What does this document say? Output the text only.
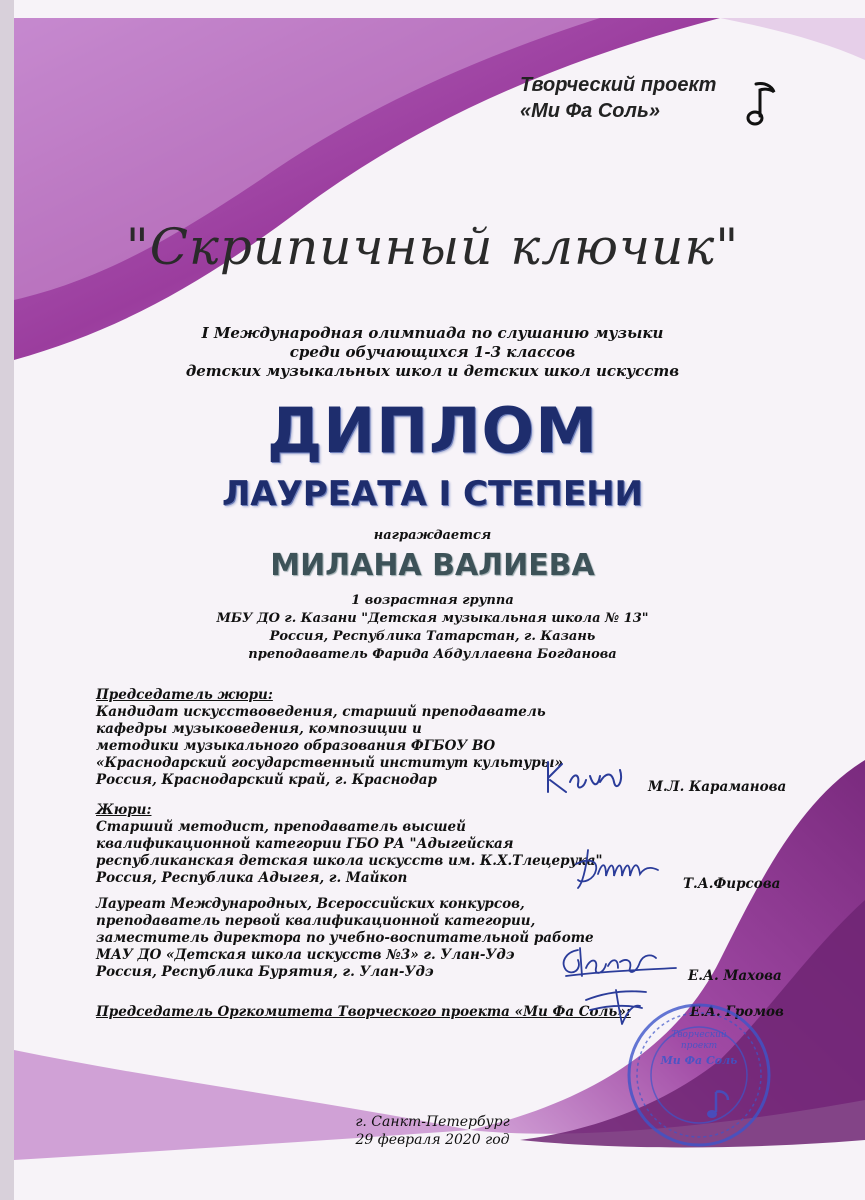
Творческий проект
«Ми Фа Соль»
"Скрипичный ключик"
I Международная олимпиада по слушанию музыки
среди обучающихся 1-3 классов
детских музыкальных школ и детских школ искусств
ДИПЛОМ
ЛАУРЕАТА I СТЕПЕНИ
награждается
МИЛАНА ВАЛИЕВА
1 возрастная группа
МБУ ДО г. Казани "Детская музыкальная школа № 13"
Россия, Республика Татарстан, г. Казань
преподаватель Фарида Абдуллаевна Богданова
Председатель жюри:
Кандидат искусствоведения, старший преподаватель
кафедры музыковедения, композиции и
методики музыкального образования ФГБОУ ВО
«Краснодарский государственный институт культуры»
Россия, Краснодарский край, г. Краснодар	М.Л. Караманова
Жюри:
Старший методист, преподаватель высшей
квалификационной категории ГБО РА "Адыгейская
республиканская детская школа искусств им. К.Х.Тлецерука"
Россия, Республика Адыгея, г. Майкоп	Т.А.Фирсова
Лауреат Международных, Всероссийских конкурсов,
преподаватель первой квалификационной категории,
заместитель директора по учебно-воспитательной работе
МАУ ДО «Детская школа искусств №3» г. Улан-Удэ
Россия, Республика Бурятия, г. Улан-Удэ	Е.А. Махова
Председатель Оргкомитета Творческого проекта «Ми Фа Соль»:	Е.А. Громов
Творческий
проект
Ми Фа Соль
г. Санкт-Петербург
29 февраля 2020 год
